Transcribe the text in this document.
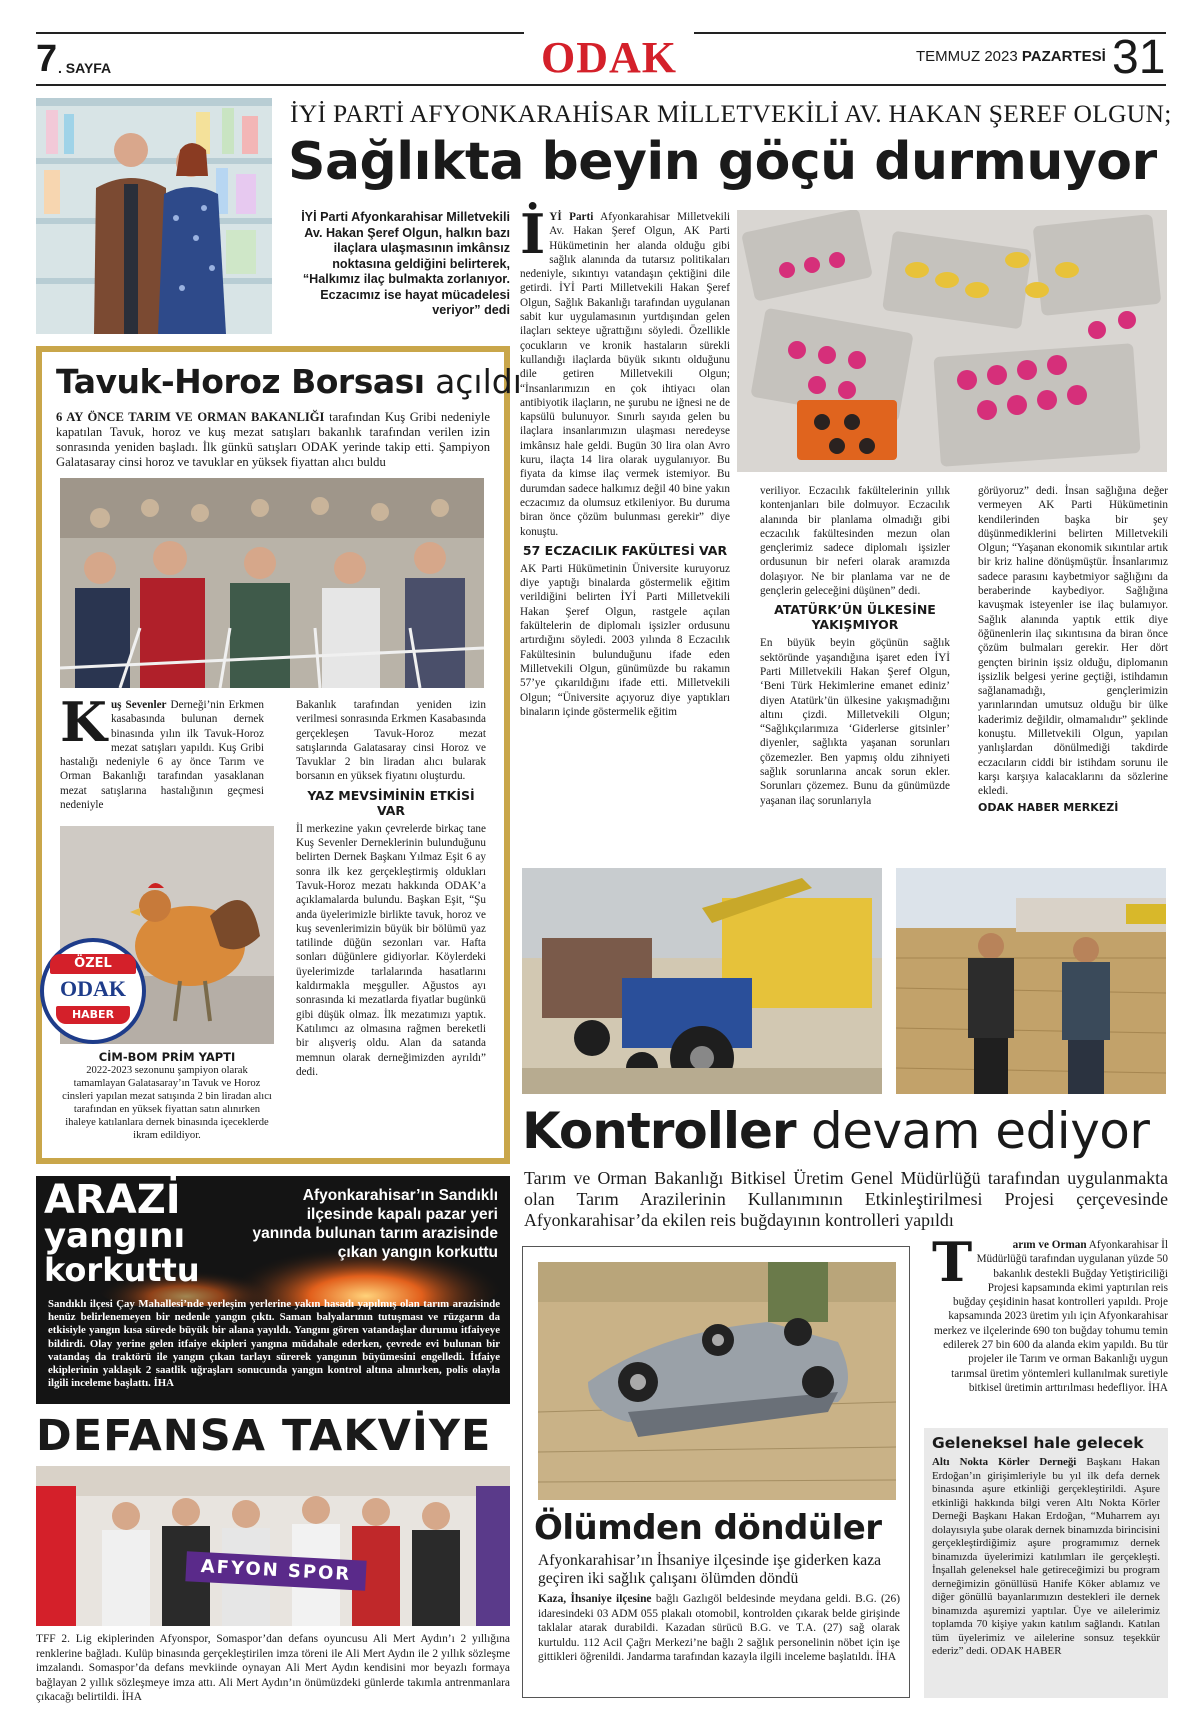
7 . SAYFA	ODAK	TEMMUZ 2023 PAZARTESİ 31
İYİ PARTİ AFYONKARAHİSAR MİLLETVEKİLİ AV. HAKAN ŞEREF OLGUN;
Sağlıkta beyin göçü durmuyor
İYİ Parti Afyonkarahisar Milletvekili Av. Hakan Şeref Olgun, halkın bazı ilaçlara ulaşmasının imkânsız noktasına geldiğini belirterek, “Halkımız ilaç bulmakta zorlanıyor. Eczacımız ise hayat mücadelesi veriyor” dedi
İYİ Parti Afyonkarahisar Milletvekili Av. Hakan Şeref Olgun, AK Parti Hükümetinin her alanda olduğu gibi sağlık alanında da tutarsız politikaları nedeniyle, sıkıntıyı vatandaşın çektiğini dile getirdi. İYİ Parti Milletvekili Hakan Şeref Olgun, Sağlık Bakanlığı tarafından uygulanan sabit kur uygulamasının yurtdışından gelen ilaçları sekteye uğrattığını söyledi. Özellikle çocukların ve kronik hastaların sürekli kullandığı ilaçlarda büyük sıkıntı olduğunu dile getiren Milletvekili Olgun; “İnsanlarımızın en çok ihtiyacı olan antibiyotik ilaçların, ne şurubu ne iğnesi ne de kapsülü bulunuyor. Sınırlı sayıda gelen bu ilaçlara insanlarımızın ulaşması neredeyse imkânsız hale geldi. Bugün 30 lira olan Avro kuru, ilaçta 14 lira olarak uygulanıyor. Bu fiyata da kimse ilaç vermek istemiyor. Bu durumdan sadece halkımız değil 40 bine yakın eczacımız da olumsuz etkileniyor. Bu duruma biran önce çözüm bulunması gerekir” diye konuştu.
57 ECZACILIK FAKÜLTESİ VAR

AK Parti Hükümetinin Üniversite kuruyoruz diye yaptığı binalarda göstermelik eğitim verildiğini belirten İYİ Parti Milletvekili Hakan Şeref Olgun, rastgele açılan fakültelerin de diplomalı işsizler ordusunu artırdığını söyledi. 2003 yılında 8 Eczacılık Fakültesinin bulunduğunu ifade eden Milletvekili Olgun, günümüzde bu rakamın 57’ye çıkarıldığını ifade etti. Milletvekili Olgun; “Üniversite açıyoruz diye yaptıkları binaların içinde göstermelik eğitim

veriliyor. Eczacılık fakültelerinin yıllık kontenjanları bile dolmuyor. Eczacılık alanında bir planlama olmadığı gibi eczacılık fakültesinden mezun olan gençlerimiz sadece diplomalı işsizler ordusunun bir neferi olarak aramızda dolaşıyor. Ne bir planlama var ne de gençlerin geleceğini düşünen” dedi.

ATATÜRK’ÜN ÜLKESİNE YAKIŞMIYOR

En büyük beyin göçünün sağlık sektöründe yaşandığına işaret eden İYİ Parti Milletvekili Hakan Şeref Olgun, ‘Beni Türk Hekimlerine emanet ediniz’ diyen Atatürk’ün ülkesine yakışmadığını altını çizdi. Milletvekili Olgun; “Sağlıkçılarımıza ‘Giderlerse gitsinler’ diyenler, sağlıkta yaşanan sorunları çözemezler. Ben yapmış oldu zihniyeti sağlık sorunlarına ancak sorun ekler. Sorunları çözemez. Bunu da günümüzde yaşanan ilaç sorunlarıyla

görüyoruz” dedi. İnsan sağlığına değer vermeyen AK Parti Hükümetinin kendilerinden başka bir şey düşünmediklerini belirten Milletvekili Olgun; “Yaşanan ekonomik sıkıntılar artık bir kriz haline dönüşmüştür. İnsanlarımız sadece parasını kaybetmiyor sağlığını da beraberinde kaybediyor. Sağlığına kavuşmak isteyenler ise ilaç bulamıyor. Sağlık alanında yaptık ettik diye öğünenlerin ilaç sıkıntısına da biran önce çözüm bulmaları gerekir. Her dört gençten birinin işsiz olduğu, diplomanın işsizlik belgesi yerine geçtiği, istihdamın sağlanamadığı, gençlerimizin yarınlarından umutsuz olduğu bir ülke kaderimiz değildir, olmamalıdır” şeklinde konuştu. Milletvekili Olgun, yapılan yanlışlardan dönülmediği takdirde eczacıların ciddi bir istihdam sorunu ile karşı karşıya kalacaklarını da sözlerine ekledi.

ODAK HABER MERKEZİ

Tavuk-Horoz Borsası açıldı
6 AY ÖNCE TARIM VE ORMAN BAKANLIĞI tarafından Kuş Gribi nedeniyle kapatılan Tavuk, horoz ve kuş mezat satışları bakanlık tarafından verilen izin sonrasında yeniden başladı. İlk günkü satışları ODAK yerinde takip etti. Şampiyon Galatasaray cinsi horoz ve tavuklar en yüksek fiyattan alıcı buldu
Kuş Sevenler Derneği’nin Erkmen kasabasında bulunan dernek binasında yılın ilk Tavuk-Horoz mezat satışları yapıldı. Kuş Gribi hastalığı nedeniyle 6 ay önce Tarım ve Orman Bakanlığı tarafından yasaklanan mezat satışlarına hastalığının geçmesi nedeniyle
ÖZEL
ODAK
HABER
CİM-BOM PRİM YAPTI
2022-2023 sezonunu şampiyon olarak tamamlayan Galatasaray’ın Tavuk ve Horoz cinsleri yapılan mezat satışında 2 bin liradan alıcı tarafından en yüksek fiyattan satın alınırken ihaleye katılanlara dernek binasında içeceklerde ikram edildiyor.

Bakanlık tarafından yeniden izin verilmesi sonrasında Erkmen Kasabasında gerçekleşen Tavuk-Horoz mezat satışlarında Galatasaray cinsi Horoz ve Tavuklar 2 bin liradan alıcı bularak borsanın en yüksek fiyatını oluşturdu.

YAZ MEVSİMİNİN ETKİSİ VAR

İl merkezine yakın çevrelerde birkaç tane Kuş Sevenler Derneklerinin bulunduğunu belirten Dernek Başkanı Yılmaz Eşit 6 ay sonra ilk kez gerçekleştirmiş oldukları Tavuk-Horoz mezatı hakkında ODAK’a açıklamalarda bulundu. Başkan Eşit, “Şu anda üyelerimizle birlikte tavuk, horoz ve kuş sevenlerimizin büyük bir bölümü yaz tatilinde düğün sezonları var. Hafta sonları düğünlere gidiyorlar. Köylerdeki üyelerimizde tarlalarında hasatlarını kaldırmakla meşguller. Ağustos ayı sonrasında ki mezatlarda fiyatlar bugünkü gibi düşük olmaz. İlk mezatımızı yaptık. Katılımcı az olmasına rağmen bereketli bir alışveriş oldu. Alan da satanda memnun olarak derneğimizden ayrıldı” dedi.

Kontroller devam ediyor
Tarım ve Orman Bakanlığı Bitkisel Üretim Genel Müdürlüğü tarafından uygulanmakta olan Tarım Arazilerinin Kullanımının Etkinleştirilmesi Projesi çerçevesinde Afyonkarahisar’da ekilen reis buğdayının kontrolleri yapıldı
T	arım ve Orman Afyonkarahisar İl Müdürlüğü tarafından uygulanan yüzde 50 bakanlık destekli Buğday Yetiştiriciliği Projesi kapsamında ekimi yaptırılan reis buğday çeşidinin hasat kontrolleri yapıldı. Proje kapsamında 2023 üretim yılı için Afyonkarahisar merkez ve ilçelerinde 690 ton buğday tohumu temin edilerek 27 bin 600 da alanda ekim yapıldı. Bu tür projeler ile Tarım ve orman Bakanlığı uygun tarımsal üretim yöntemleri kullanılmak suretiyle bitkisel üretimin arttırılması hedefliyor. İHA
Ölümden döndüler
Afyonkarahisar’ın İhsaniye ilçesinde işe giderken kaza geçiren iki sağlık çalışanı ölümden döndü
Kaza, İhsaniye ilçesine bağlı Gazlıgöl beldesinde meydana geldi. B.G. (26) idaresindeki 03 ADM 055 plakalı otomobil, kontrolden çıkarak belde girişinde taklalar atarak durabildi. Kazadan sürücü B.G. ve T.A. (27) sağ olarak kurtuldu. 112 Acil Çağrı Merkezi’ne bağlı 2 sağlık personelinin nöbet için işe gittikleri öğrenildi. Jandarma tarafından kazayla ilgili inceleme başlatıldı. İHA
Geleneksel hale gelecek
Altı Nokta Körler Derneği Başkanı Hakan Erdoğan’ın girişimleriyle bu yıl ilk defa dernek binasında aşure etkinliği gerçekleştirildi. Aşure etkinliği hakkında bilgi veren Altı Nokta Körler Derneği Başkanı Hakan Erdoğan, “Muharrem ayı dolayısıyla şube olarak dernek binamızda birincisini gerçekleştirdiğimiz aşure programımız dernek binamızda üyelerimizi katılımları ile gerçekleşti. İnşallah geleneksel hale getireceğimizi bu program derneğimizin gönüllüsü Hanife Köker ablamız ve diğer gönüllü bayanlarımızın destekleri ile dernek binamızda aşuremizi yaptılar. Üye ve ailelerimiz toplamda 70 kişiye yakın katılım sağlandı. Katılan tüm üyelerimiz ve ailelerine sonsuz teşekkür ederiz” dedi. ODAK HABER
ARAZİ
yangını
korkuttu
Afyonkarahisar’ın Sandıklı ilçesinde kapalı pazar yeri yanında bulunan tarım arazisinde çıkan yangın korkuttu
Sandıklı ilçesi Çay Mahallesi’nde yerleşim yerlerine yakın hasadı yapılmış olan tarım arazisinde henüz belirlenemeyen bir nedenle yangın çıktı. Saman balyalarının tutuşması ve rüzgarın da etkisiyle yangın kısa sürede büyük bir alana yayıldı. Yangını gören vatandaşlar durumu itfaiyeye bildirdi. Olay yerine gelen itfaiye ekipleri yangına müdahale ederken, çevrede evi bulunan bir vatandaş da traktörü ile yangın çıkan tarlayı sürerek yangının büyümesini engelledi. İtfaiye ekiplerinin yaklaşık 2 saatlik uğraşları sonucunda yangın kontrol altına alınırken, polis olayla ilgili inceleme başlattı. İHA
DEFANSA TAKVİYE
AFYON SPOR
TFF 2. Lig ekiplerinden Afyonspor, Somaspor’dan defans oyuncusu Ali Mert Aydın’ı 2 yıllığına renklerine bağladı. Kulüp binasında gerçekleştirilen imza töreni ile Ali Mert Aydın ile 2 yıllık sözleşme imzalandı. Somaspor’da defans mevkiinde oynayan Ali Mert Aydın kendisini mor beyazlı formaya bağlayan 2 yıllık sözleşmeye imza attı. Ali Mert Aydın’ın önümüzdeki günlerde takımla antrenmanlara çıkacağı belirtildi. İHA
